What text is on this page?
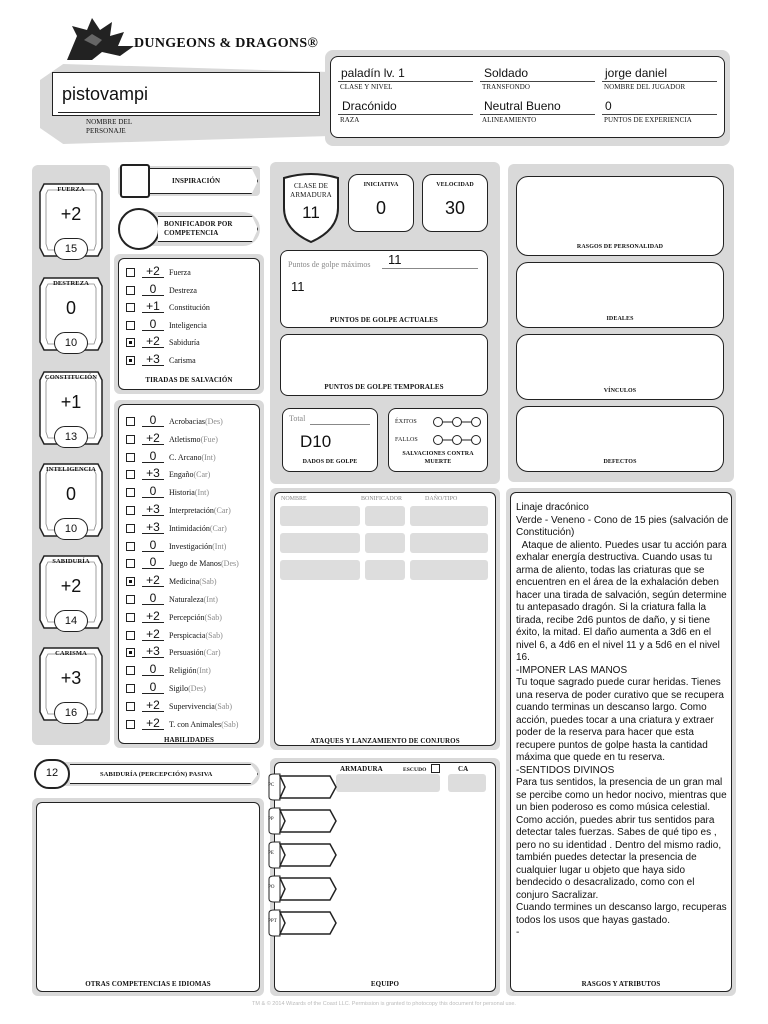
DUNGEONS & DRAGONS®
pistovampi
NOMBRE DEL PERSONAJE
paladín lv. 1
CLASE Y NIVEL
Soldado
TRANSFONDO
jorge daniel
NOMBRE DEL JUGADOR
Dracónido
RAZA
Neutral Bueno
ALINEAMIENTO
0
PUNTOS DE EXPERIENCIA
FUERZA
+2
15
DESTREZA
0
10
CONSTITUCIÓN
+1
13
INTELIGENCIA
0
10
SABIDURÍA
+2
14
CARISMA
+3
16
INSPIRACIÓN
BONIFICADOR POR COMPETENCIA
+2	Fuerza
0	Destreza
+1	Constitución
0	Inteligencia
+2	Sabiduría
+3	Carisma
TIRADAS DE SALVACIÓN
0	Acrobacias(Des)
+2	Atletismo(Fue)
0	C. Arcano(Int)
+3	Engaño(Car)
0	Historia(Int)
+3	Interpretación(Car)
+3	Intimidación(Car)
0	Investigación(Int)
0	Juego de Manos(Des)
+2	Medicina(Sab)
0	Naturaleza(Int)
+2	Percepción(Sab)
+2	Perspicacia(Sab)
+3	Persuasión(Car)
0	Religión(Int)
0	Sigilo(Des)
+2	Supervivencia(Sab)
+2	T. con Animales(Sab)
HABILIDADES
12	SABIDURÍA (PERCEPCIÓN) PASIVA
OTRAS COMPETENCIAS E IDIOMAS
CLASE DE ARMADURA
11
INICIATIVA
0
VELOCIDAD
30
Puntos de golpe máximos 11
11
PUNTOS DE GOLPE ACTUALES
PUNTOS DE GOLPE TEMPORALES
Total
D10
DADOS DE GOLPE
ÉXITOS
FALLOS
SALVACIONES CONTRA MUERTE
NOMBRE	BONIFICADOR	DAÑO/TIPO
ATAQUES Y LANZAMIENTO DE CONJUROS
ARMADURA	ESCUDO	CA
PC
PP
PE
PO
PPT
EQUIPO
RASGOS DE PERSONALIDAD
IDEALES
VÍNCULOS
DEFECTOS
Linaje dracónico
Verde - Veneno - Cono de 15 pies (salvación de Constitución)
Ataque de aliento. Puedes usar tu acción para exhalar energía destructiva. Cuando usas tu arma de aliento, todas las criaturas que se encuentren en el área de la exhalación deben hacer una tirada de salvación, según determine tu antepasado dragón. Si la criatura falla la tirada, recibe 2d6 puntos de daño, y si tiene éxito, la mitad. El daño aumenta a 3d6 en el nivel 6, a 4d6 en el nivel 11 y a 5d6 en el nivel 16.
-IMPONER LAS MANOS
Tu toque sagrado puede curar heridas. Tienes una reserva de poder curativo que se recupera cuando terminas un descanso largo. Como acción, puedes tocar a una criatura y extraer poder de la reserva para hacer que esta recupere puntos de golpe hasta la cantidad máxima que quede en tu reserva.
-SENTIDOS DIVINOS
Para tus sentidos, la presencia de un gran mal se percibe como un hedor nocivo, mientras que un bien poderoso es como música celestial. Como acción, puedes abrir tus sentidos para detectar tales fuerzas. Sabes de qué tipo es , pero no su identidad . Dentro del mismo radio, también puedes detectar la presencia de cualquier lugar u objeto que haya sido bendecido o desacralizado, como con el conjuro Sacralizar.
Cuando termines un descanso largo, recuperas todos los usos que hayas gastado.
-
RASGOS Y ATRIBUTOS
TM & © 2014 Wizards of the Coast LLC. Permission is granted to photocopy this document for personal use.
